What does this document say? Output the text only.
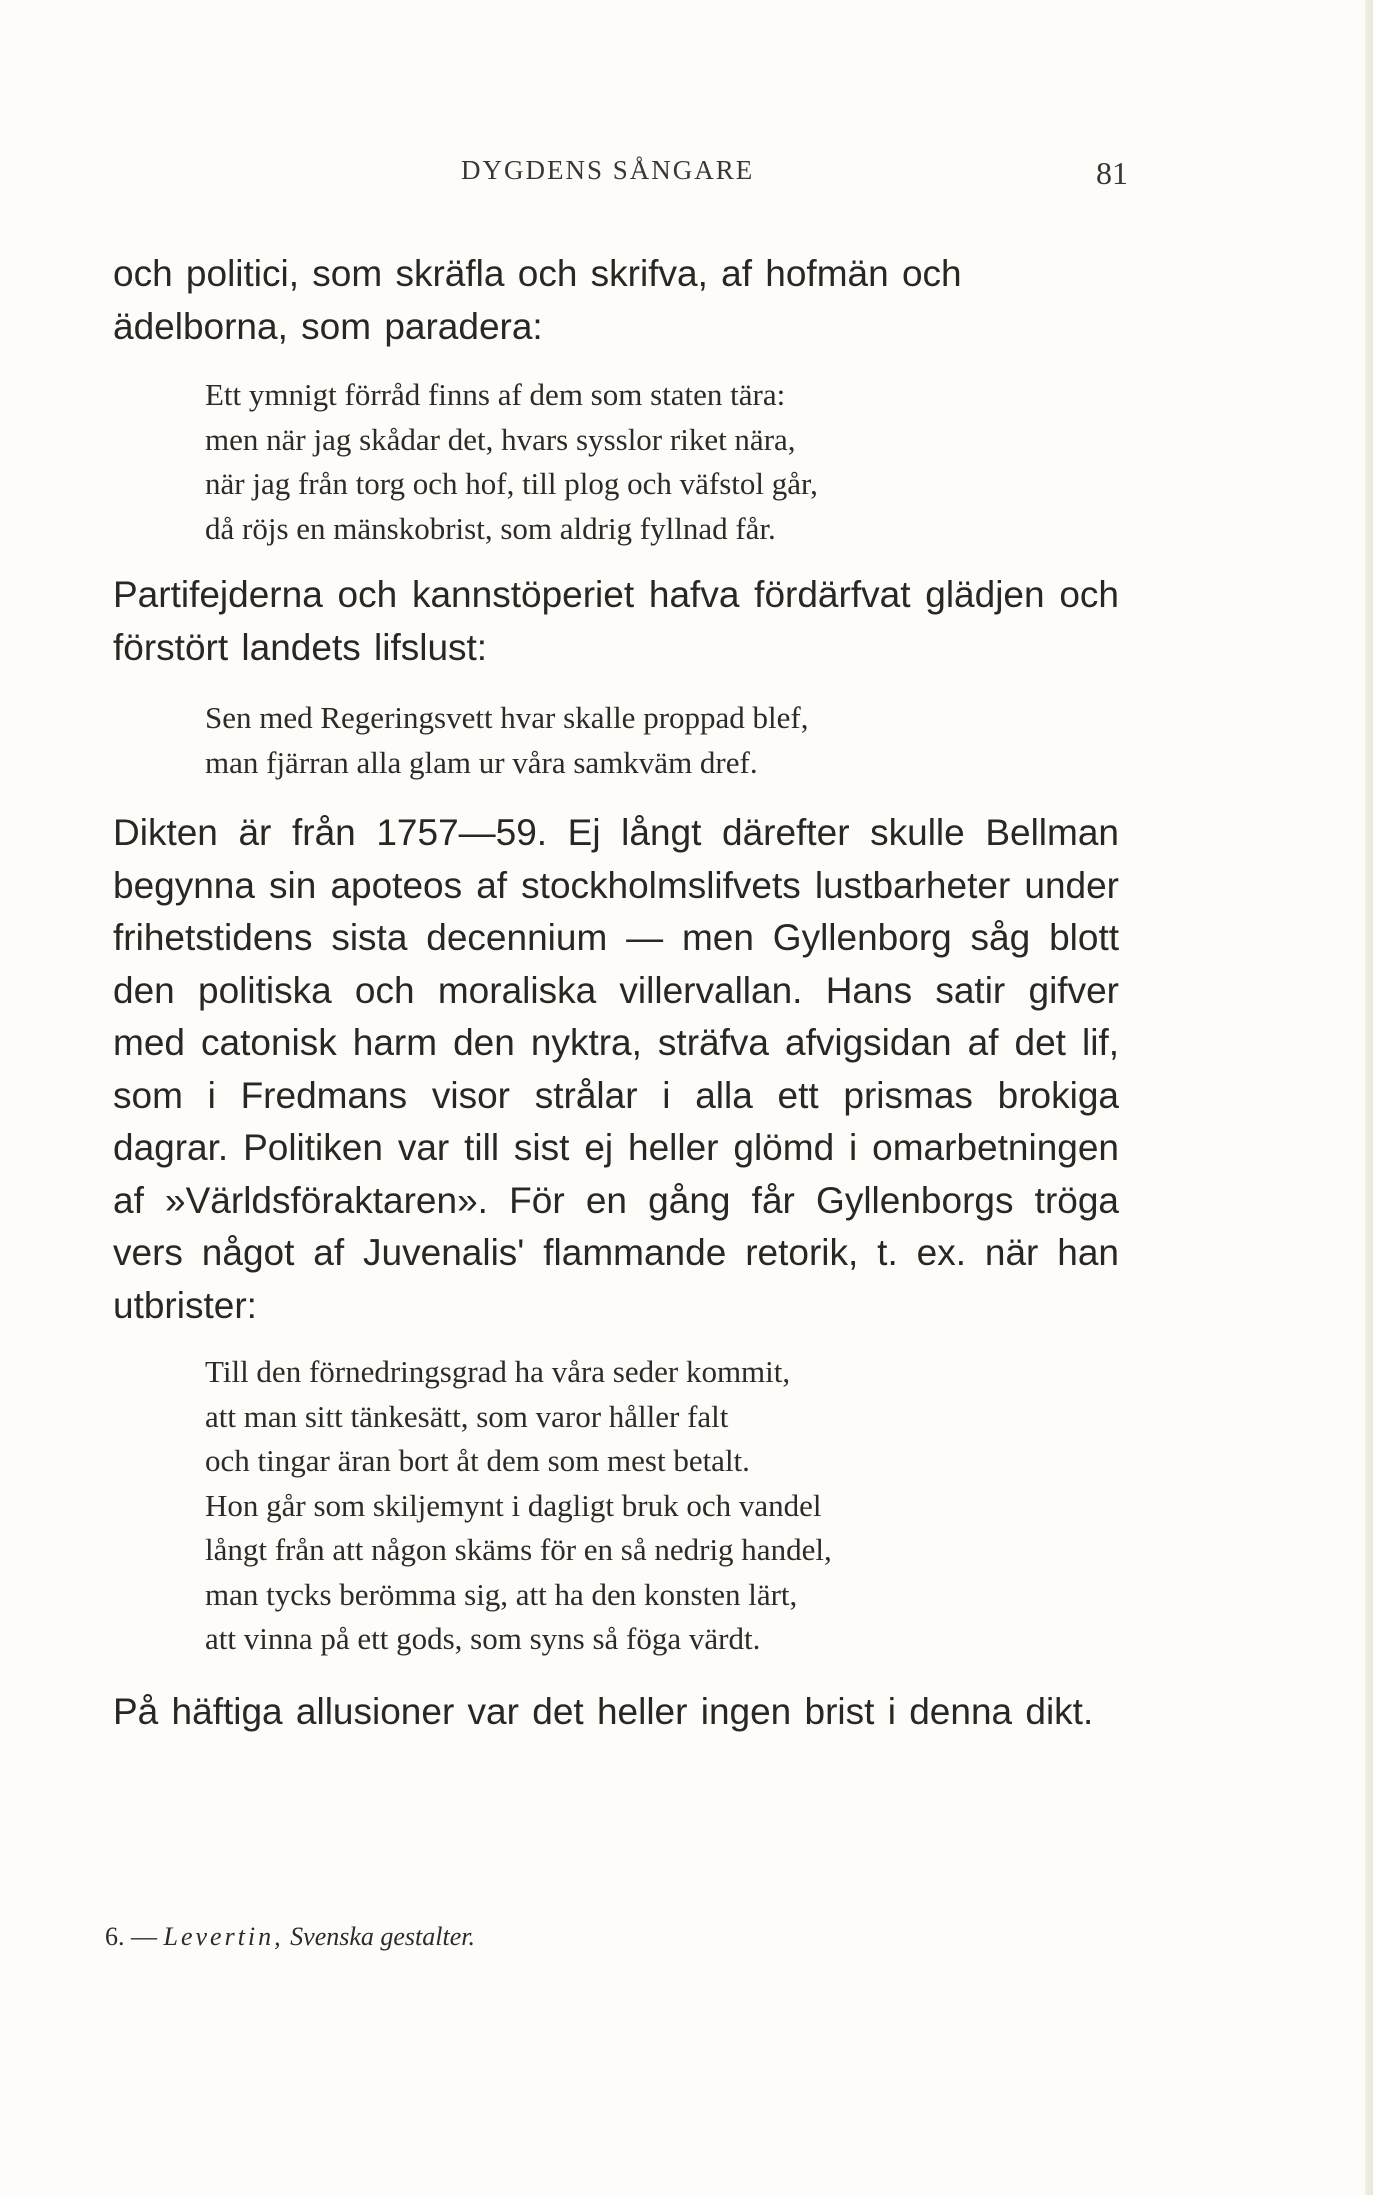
DYGDENS SÅNGARE	81

och politici, som skräfla och skrifva, af hofmän och ädelborna, som paradera:

Ett ymnigt förråd finns af dem som staten tära:
men när jag skådar det, hvars sysslor riket nära,
när jag från torg och hof, till plog och väfstol går,
då röjs en mänskobrist, som aldrig fyllnad får.

Partifejderna och kannstöperiet hafva fördärfvat glädjen och förstört landets lifslust:

Sen med Regeringsvett hvar skalle proppad blef,
man fjärran alla glam ur våra samkväm dref.

Dikten är från 1757—59. Ej långt därefter skulle Bellman begynna sin apoteos af stockholmslifvets lustbarheter under frihetstidens sista decennium — men Gyllenborg såg blott den politiska och moraliska villervallan. Hans satir gifver med catonisk harm den nyktra, sträfva afvigsidan af det lif, som i Fredmans visor strålar i alla ett prismas brokiga dagrar. Politiken var till sist ej heller glömd i omarbetningen af »Världsföraktaren». För en gång får Gyllenborgs tröga vers något af Juvenalis' flammande retorik, t. ex. när han utbrister:

Till den förnedringsgrad ha våra seder kommit,
att man sitt tänkesätt, som varor håller falt
och tingar äran bort åt dem som mest betalt.
Hon går som skiljemynt i dagligt bruk och vandel
långt från att någon skäms för en så nedrig handel,
man tycks berömma sig, att ha den konsten lärt,
att vinna på ett gods, som syns så föga värdt.

På häftiga allusioner var det heller ingen brist i denna dikt.

6. — Levertin, Svenska gestalter.
